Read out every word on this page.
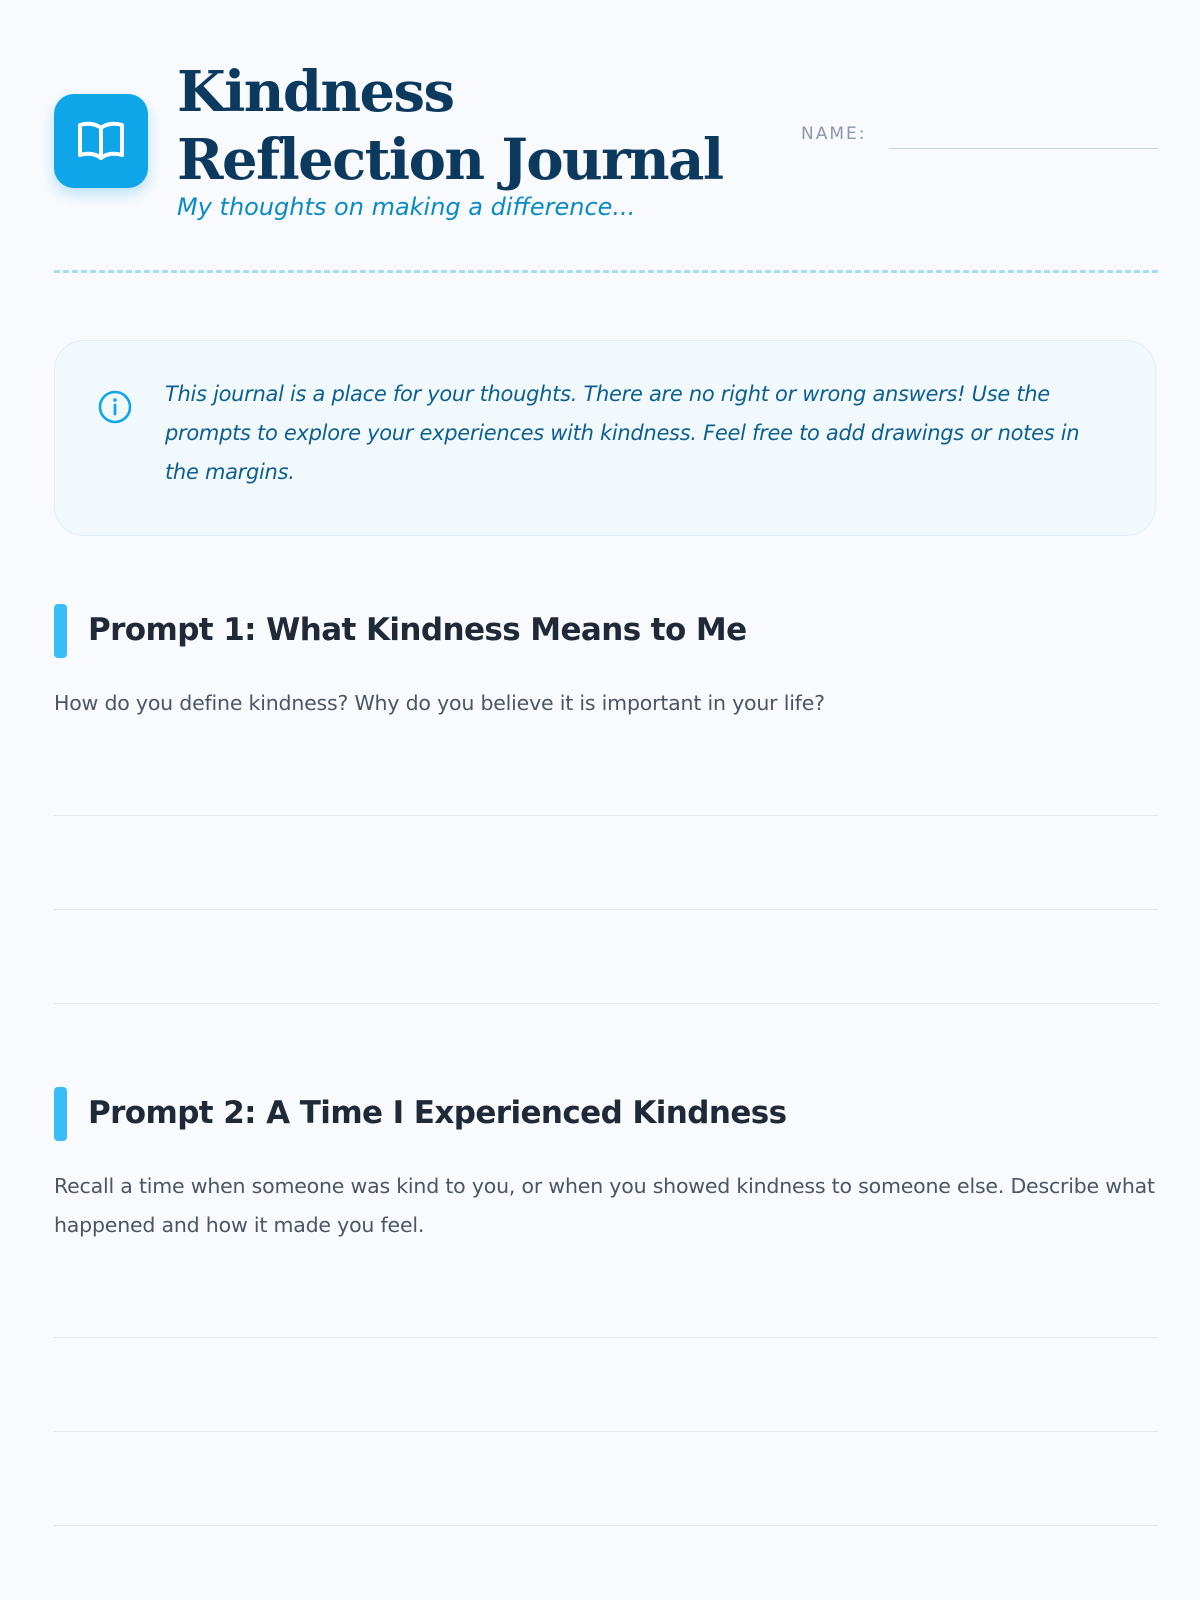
Kindness Reflection Journal

My thoughts on making a difference...

NAME:

This journal is a place for your thoughts. There are no right or wrong answers! Use the prompts to explore your experiences with kindness. Feel free to add drawings or notes in the margins.

Prompt 1: What Kindness Means to Me

How do you define kindness? Why do you believe it is important in your life?

Prompt 2: A Time I Experienced Kindness

Recall a time when someone was kind to you, or when you showed kindness to someone else. Describe what happened and how it made you feel.
